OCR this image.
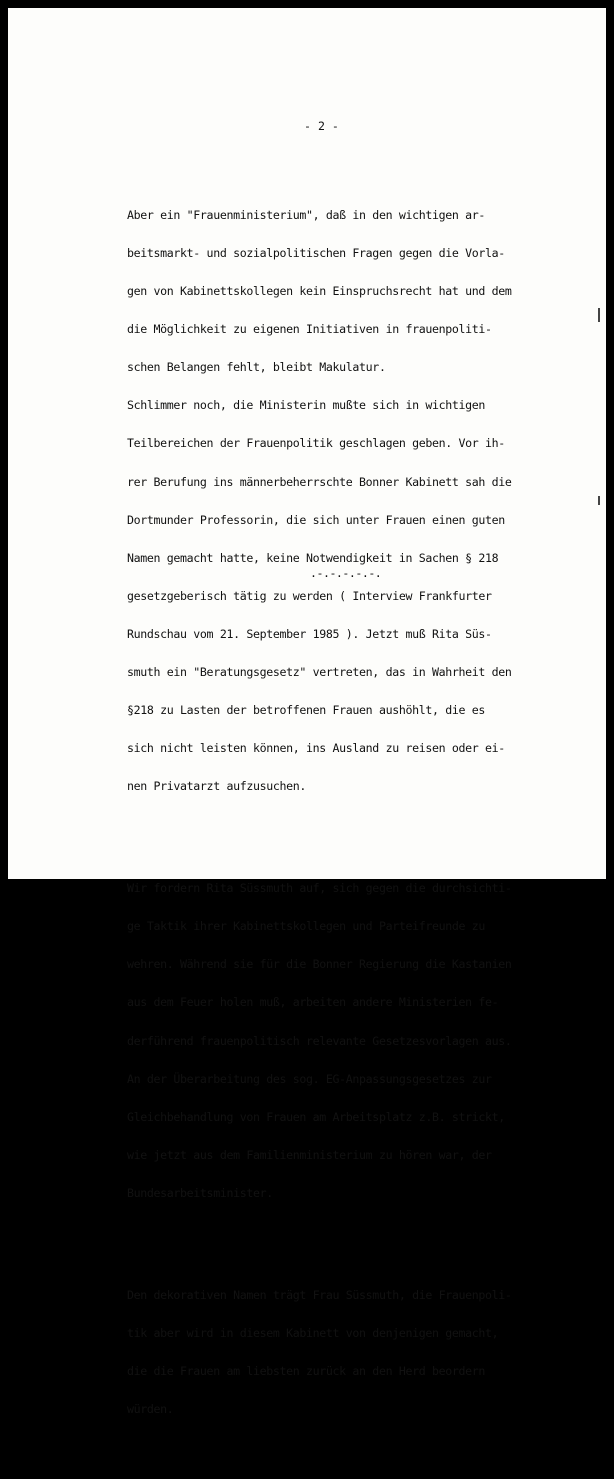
- 2 -

Aber ein "Frauenministerium", daß in den wichtigen ar-

beitsmarkt- und sozialpolitischen Fragen gegen die Vorla-

gen von Kabinettskollegen kein Einspruchsrecht hat und dem

die Möglichkeit zu eigenen Initiativen in frauenpoliti-

schen Belangen fehlt, bleibt Makulatur.

Schlimmer noch, die Ministerin mußte sich in wichtigen

Teilbereichen der Frauenpolitik geschlagen geben. Vor ih-

rer Berufung ins männerbeherrschte Bonner Kabinett sah die

Dortmunder Professorin, die sich unter Frauen einen guten

Namen gemacht hatte, keine Notwendigkeit in Sachen § 218

gesetzgeberisch tätig zu werden ( Interview Frankfurter

Rundschau vom 21. September 1985 ). Jetzt muß Rita Süs-

smuth ein "Beratungsgesetz" vertreten, das in Wahrheit den

§218 zu Lasten der betroffenen Frauen aushöhlt, die es

sich nicht leisten können, ins Ausland zu reisen oder ei-

nen Privatarzt aufzusuchen.

Wir fordern Rita Süssmuth auf, sich gegen die durchsichti-

ge Taktik ihrer Kabinettskollegen und Parteifreunde zu

wehren. Während sie für die Bonner Regierung die Kastanien

aus dem Feuer holen muß, arbeiten andere Ministerien fe-

derführend frauenpolitisch relevante Gesetzesvorlagen aus.

An der Überarbeitung des sog. EG-Anpassungsgesetzes zur

Gleichbehandlung von Frauen am Arbeitsplatz z.B. strickt,

wie jetzt aus dem Familienministerium zu hören war, der

Bundesarbeitsminister.

Den dekorativen Namen trägt Frau Süssmuth, die Frauenpoli-

tik aber wird in diesem Kabinett von denjenigen gemacht,

die die Frauen am liebsten zurück an den Herd beordern

würden.

.-.-.-.-.-.
